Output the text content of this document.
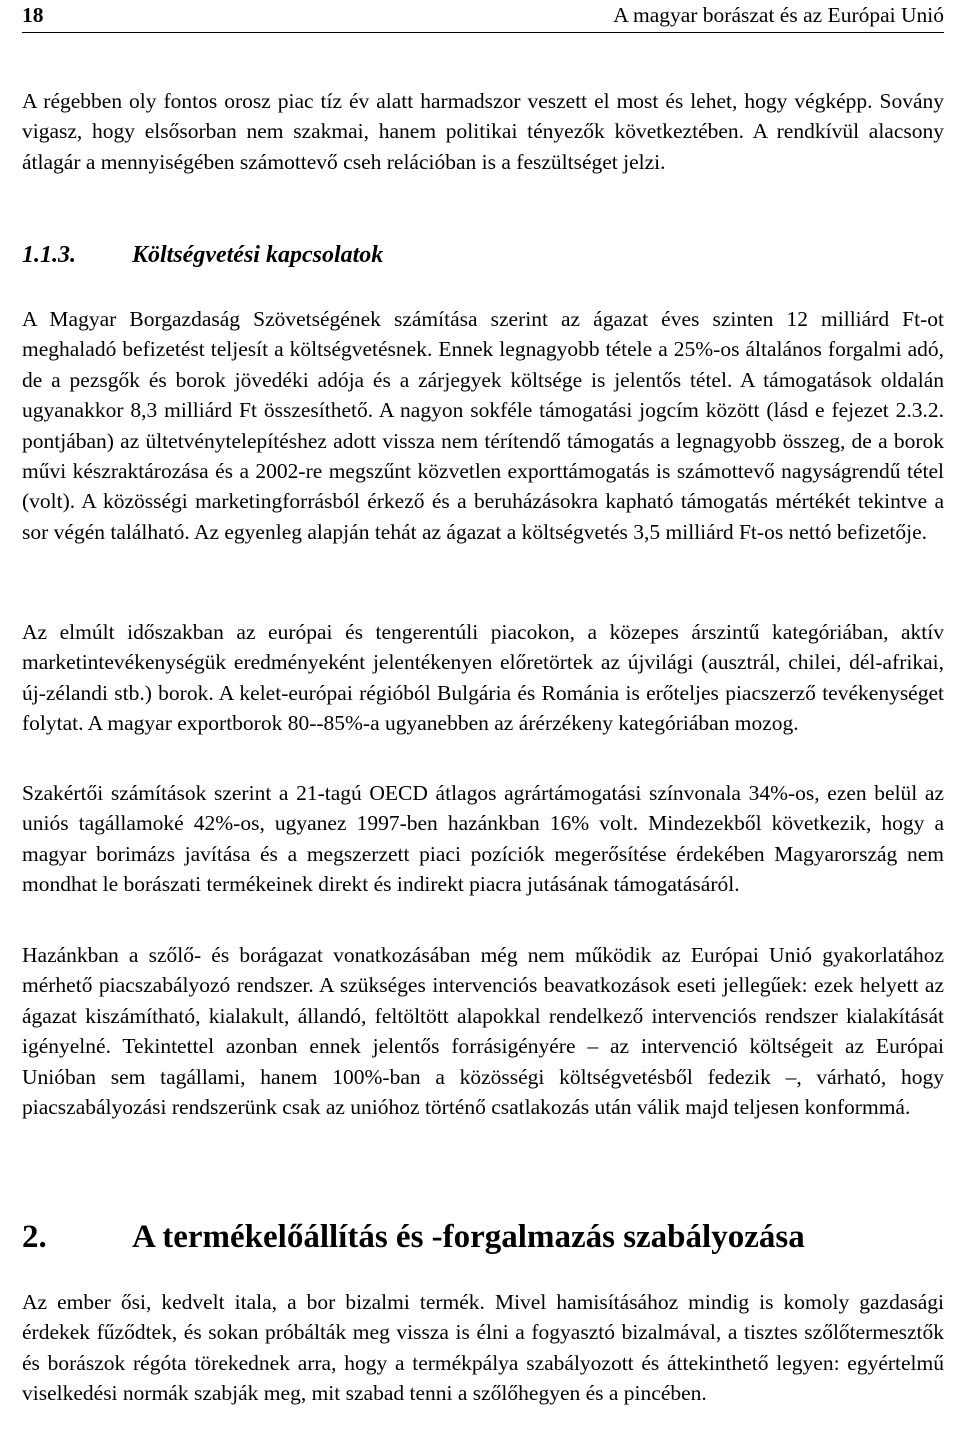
18	A magyar borászat és az Európai Unió

A régebben oly fontos orosz piac tíz év alatt harmadszor veszett el most és lehet, hogy végképp. Sovány vigasz, hogy elsősorban nem szakmai, hanem politikai tényezők következtében. A rendkívül alacsony átlagár a mennyiségében számottevő cseh relációban is a feszültséget jelzi.

1.1.3. Költségvetési kapcsolatok

A Magyar Borgazdaság Szövetségének számítása szerint az ágazat éves szinten 12 milliárd Ft-ot meghaladó befizetést teljesít a költségvetésnek. Ennek legnagyobb tétele a 25%-os általános forgalmi adó, de a pezsgők és borok jövedéki adója és a zárjegyek költsége is jelentős tétel. A támogatások oldalán ugyanakkor 8,3 milliárd Ft összesíthető. A nagyon sokféle támogatási jogcím között (lásd e fejezet 2.3.2. pontjában) az ültetvénytelepítéshez adott vissza nem térítendő támogatás a legnagyobb összeg, de a borok művi készraktározása és a 2002-re megszűnt közvetlen exporttámogatás is számottevő nagyságrendű tétel (volt). A közösségi marketingforrásból érkező és a beruházásokra kapható támogatás mértékét tekintve a sor végén található. Az egyenleg alapján tehát az ágazat a költségvetés 3,5 milliárd Ft-os nettó befizetője.

Az elmúlt időszakban az európai és tengerentúli piacokon, a közepes árszintű kategóriában, aktív marketintevékenységük eredményeként jelentékenyen előretörtek az újvilági (ausztrál, chilei, dél-afrikai, új-zélandi stb.) borok. A kelet-európai régióból Bulgária és Románia is erőteljes piacszerző tevékenységet folytat. A magyar exportborok 80--85%-a ugyanebben az árérzékeny kategóriában mozog.

Szakértői számítások szerint a 21-tagú OECD átlagos agrártámogatási színvonala 34%-os, ezen belül az uniós tagállamoké 42%-os, ugyanez 1997-ben hazánkban 16% volt. Mindezekből következik, hogy a magyar borimázs javítása és a megszerzett piaci pozíciók megerősítése érdekében Magyarország nem mondhat le borászati termékeinek direkt és indirekt piacra jutásának támogatásáról.

Hazánkban a szőlő- és borágazat vonatkozásában még nem működik az Európai Unió gyakorlatához mérhető piacszabályozó rendszer. A szükséges intervenciós beavatkozások eseti jellegűek: ezek helyett az ágazat kiszámítható, kialakult, állandó, feltöltött alapokkal rendelkező intervenciós rendszer kialakítását igényelné. Tekintettel azonban ennek jelentős forrásigényére – az intervenció költségeit az Európai Unióban sem tagállami, hanem 100%-ban a közösségi költségvetésből fedezik –, várható, hogy piacszabályozási rendszerünk csak az unióhoz történő csatlakozás után válik majd teljesen konformmá.

2.	A termékelőállítás és -forgalmazás szabályozása

Az ember ősi, kedvelt itala, a bor bizalmi termék. Mivel hamisításához mindig is komoly gazdasági érdekek fűződtek, és sokan próbálták meg vissza is élni a fogyasztó bizalmával, a tisztes szőlőtermesztők és borászok régóta törekednek arra, hogy a termékpálya szabályozott és áttekinthető legyen: egyértelmű viselkedési normák szabják meg, mit szabad tenni a szőlőhegyen és a pincében.
